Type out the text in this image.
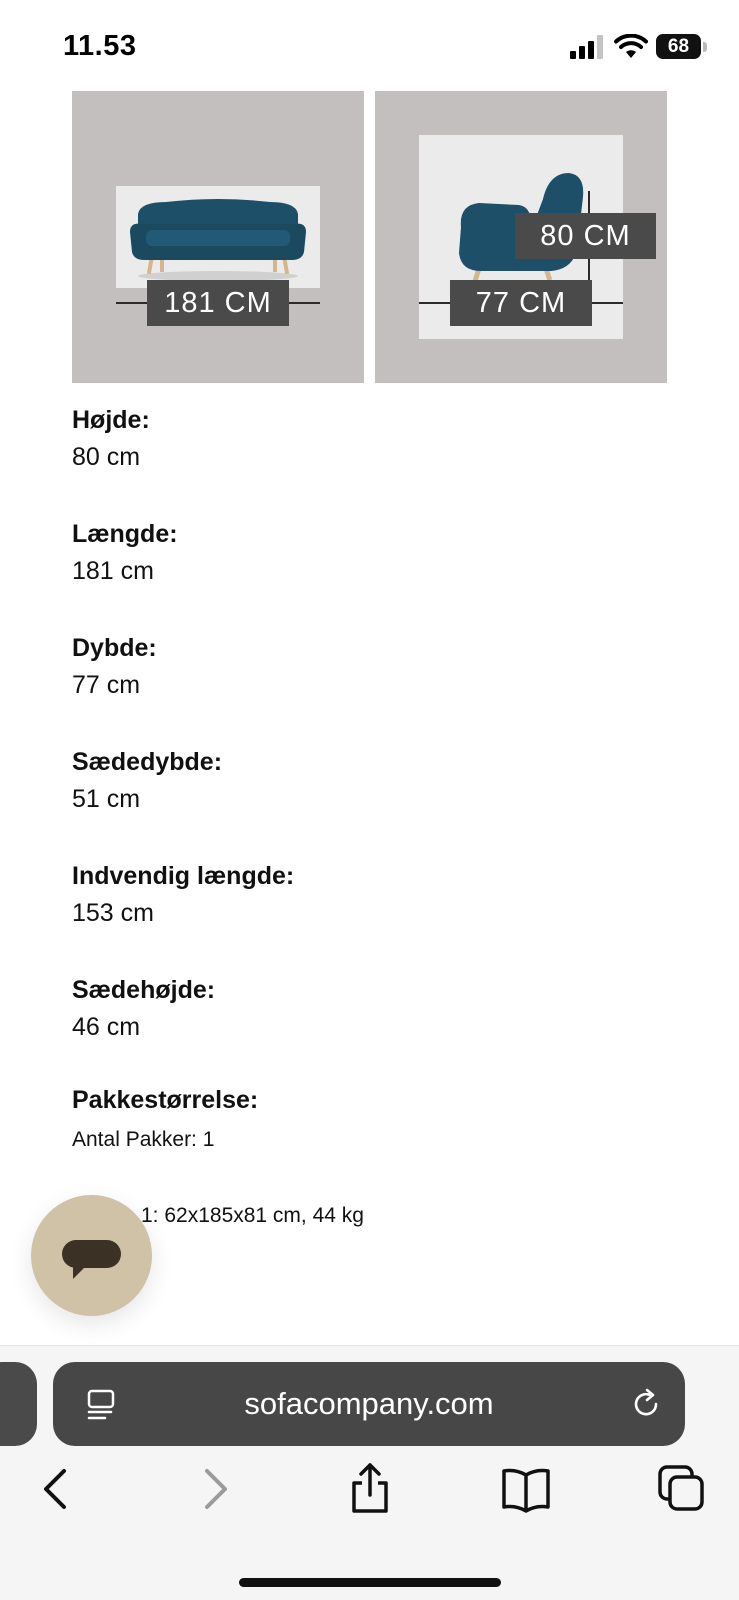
11.53	68
181 CM	77 CM
80 CM
Højde:
80 cm
Længde:
181 cm
Dybde:
77 cm
Sædedybde:
51 cm
Indvendig længde:
153 cm
Sædehøjde:
46 cm
Pakkestørrelse:
Antal Pakker: 1
1: 62x185x81 cm, 44 kg
sofacompany.com
